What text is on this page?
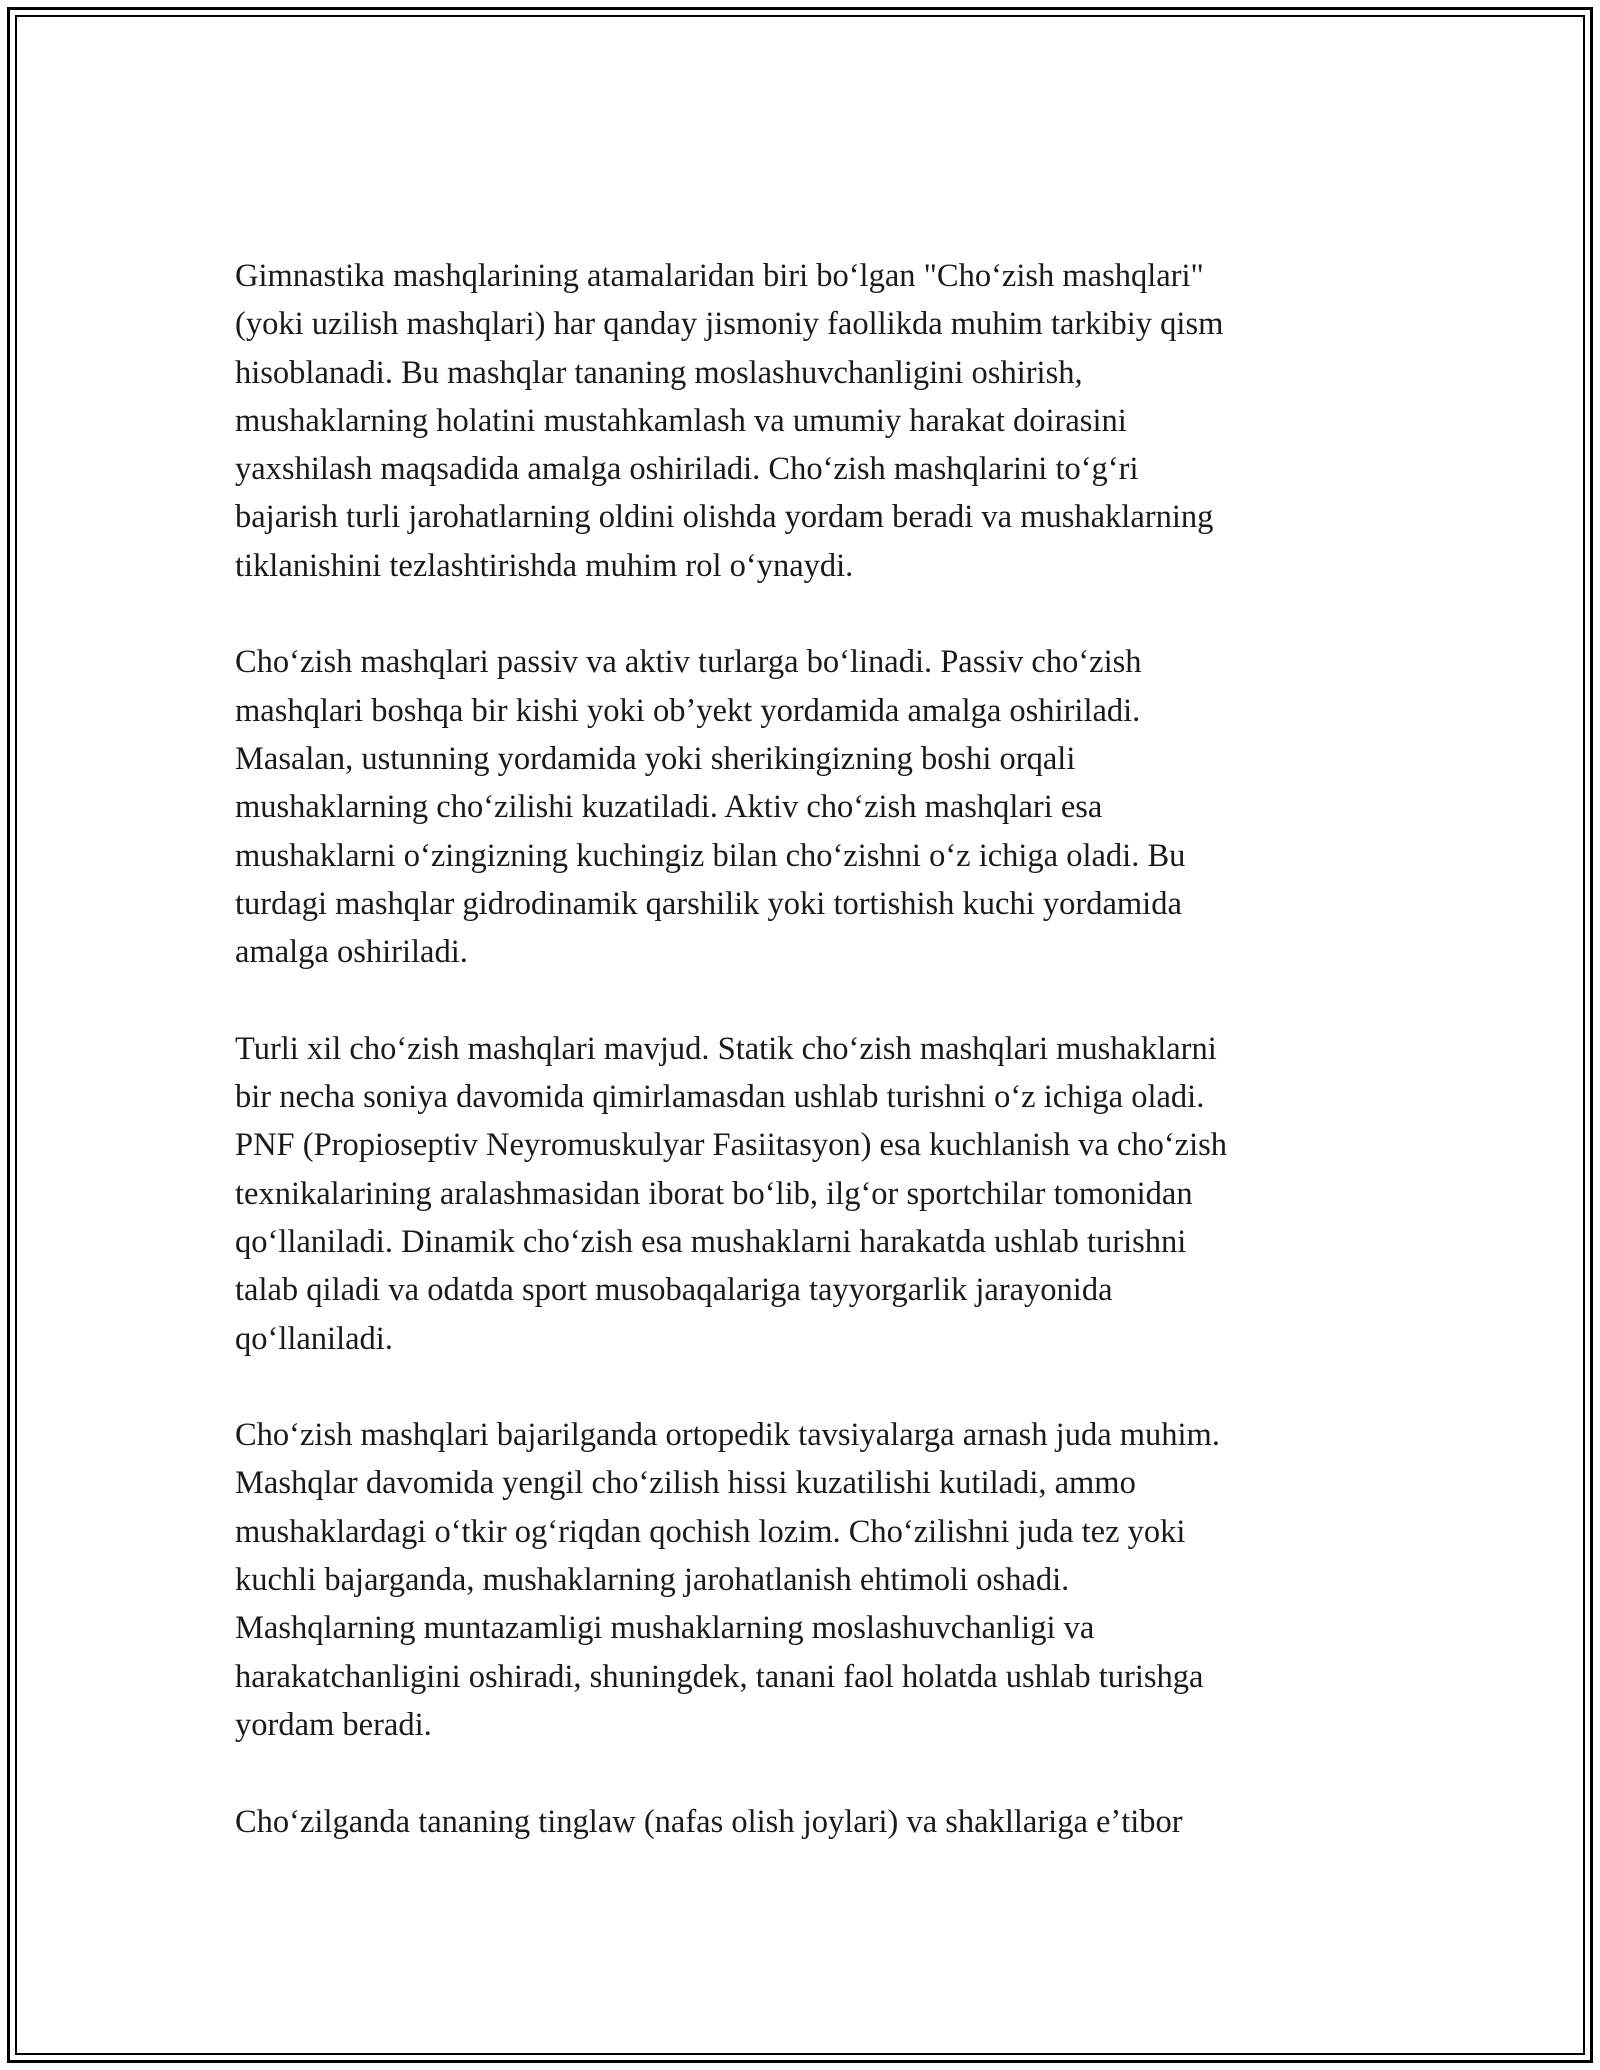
Gimnastika mashqlarining atamalaridan biri boʻlgan "Choʻzish mashqlari"
(yoki uzilish mashqlari) har qanday jismoniy faollikda muhim tarkibiy qism
hisoblanadi. Bu mashqlar tananing moslashuvchanligini oshirish,
mushaklarning holatini mustahkamlash va umumiy harakat doirasini
yaxshilash maqsadida amalga oshiriladi. Choʻzish mashqlarini toʻgʻri
bajarish turli jarohatlarning oldini olishda yordam beradi va mushaklarning
tiklanishini tezlashtirishda muhim rol oʻynaydi.

Choʻzish mashqlari passiv va aktiv turlarga boʻlinadi. Passiv choʻzish
mashqlari boshqa bir kishi yoki obʼyekt yordamida amalga oshiriladi.
Masalan, ustunning yordamida yoki sherikingizning boshi orqali
mushaklarning choʻzilishi kuzatiladi. Aktiv choʻzish mashqlari esa
mushaklarni oʻzingizning kuchingiz bilan choʻzishni oʻz ichiga oladi. Bu
turdagi mashqlar gidrodinamik qarshilik yoki tortishish kuchi yordamida
amalga oshiriladi.

Turli xil choʻzish mashqlari mavjud. Statik choʻzish mashqlari mushaklarni
bir necha soniya davomida qimirlamasdan ushlab turishni oʻz ichiga oladi.
PNF (Propioseptiv Neyromuskulyar Fasiitasyon) esa kuchlanish va choʻzish
texnikalarining aralashmasidan iborat boʻlib, ilgʻor sportchilar tomonidan
qoʻllaniladi. Dinamik choʻzish esa mushaklarni harakatda ushlab turishni
talab qiladi va odatda sport musobaqalariga tayyorgarlik jarayonida
qoʻllaniladi.

Choʻzish mashqlari bajarilganda ortopedik tavsiyalarga arnash juda muhim.
Mashqlar davomida yengil choʻzilish hissi kuzatilishi kutiladi, ammo
mushaklardagi oʻtkir ogʻriqdan qochish lozim. Choʻzilishni juda tez yoki
kuchli bajarganda, mushaklarning jarohatlanish ehtimoli oshadi.
Mashqlarning muntazamligi mushaklarning moslashuvchanligi va
harakatchanligini oshiradi, shuningdek, tanani faol holatda ushlab turishga
yordam beradi.

Choʻzilganda tananing tinglaw (nafas olish joylari) va shakllariga eʼtibor
